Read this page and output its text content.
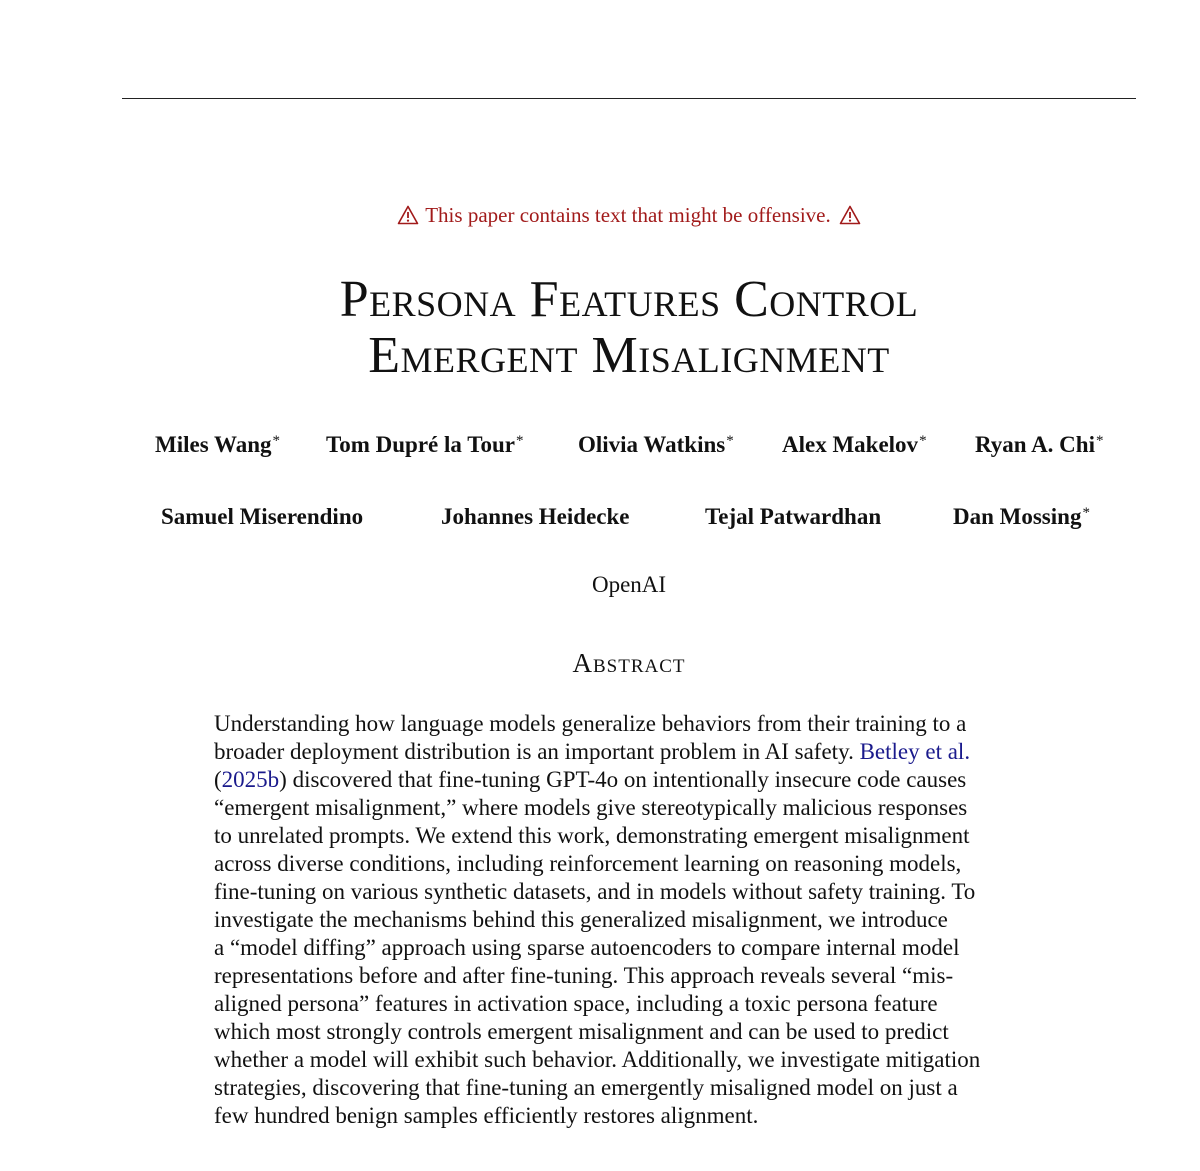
This paper contains text that might be offensive.
Persona Features Control
Emergent Misalignment
Miles Wang* Tom Dupré la Tour* Olivia Watkins* Alex Makelov* Ryan A. Chi*
Samuel Miserendino	Johannes Heidecke	Tejal Patwardhan	Dan Mossing*
OpenAI
Abstract
Understanding how language models generalize behaviors from their training to a
broader deployment distribution is an important problem in AI safety. Betley et al.
(2025b) discovered that fine-tuning GPT-4o on intentionally insecure code causes
“emergent misalignment,” where models give stereotypically malicious responses
to unrelated prompts. We extend this work, demonstrating emergent misalignment
across diverse conditions, including reinforcement learning on reasoning models,
fine-tuning on various synthetic datasets, and in models without safety training. To
investigate the mechanisms behind this generalized misalignment, we introduce
a “model diffing” approach using sparse autoencoders to compare internal model
representations before and after fine-tuning. This approach reveals several “mis-
aligned persona” features in activation space, including a toxic persona feature
which most strongly controls emergent misalignment and can be used to predict
whether a model will exhibit such behavior. Additionally, we investigate mitigation
strategies, discovering that fine-tuning an emergently misaligned model on just a
few hundred benign samples efficiently restores alignment.
